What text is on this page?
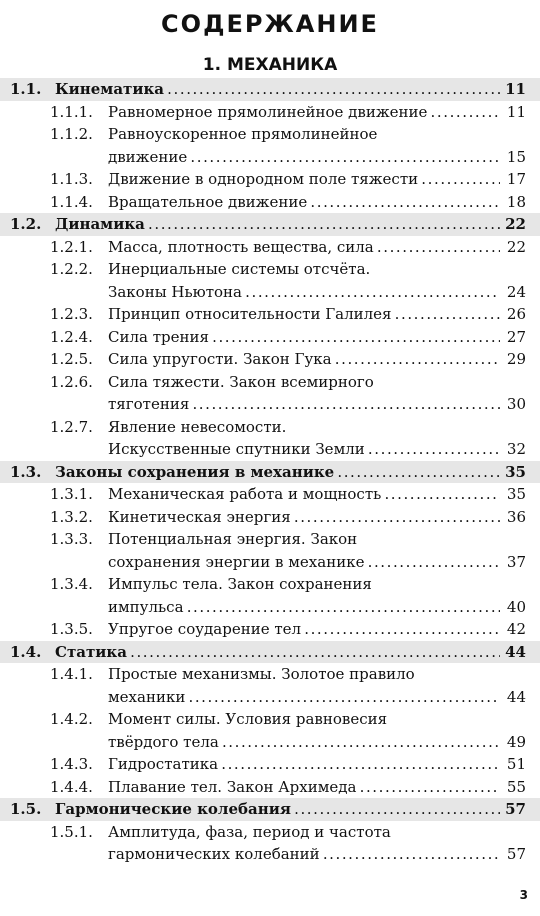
СОДЕРЖАНИЕ
1. МЕХАНИКА
1.1. Кинематика . . .	11
1.1.1. Равномерное прямолинейное движение . . .	11
1.1.2. Равноускоренное прямолинейное
движение . . .	15
1.1.3. Движение в однородном поле тяжести . . .	17
1.1.4. Вращательное движение . . .	18
1.2. Динамика . . .	22
1.2.1. Масса, плотность вещества, сила . . .	22
1.2.2. Инерциальные системы отсчёта.
Законы Ньютона . . .	24
1.2.3. Принцип относительности Галилея . . .	26
1.2.4. Сила трения . . .	27
1.2.5. Сила упругости. Закон Гука . . .	29
1.2.6. Сила тяжести. Закон всемирного
тяготения . . .	30
1.2.7. Явление невесомости.
Искусственные спутники Земли . . .	32
1.3. Законы сохранения в механике . . .	35
1.3.1. Механическая работа и мощность . . .	35
1.3.2. Кинетическая энергия . . .	36
1.3.3. Потенциальная энергия. Закон
сохранения энергии в механике . . .	37
1.3.4. Импульс тела. Закон сохранения
импульса . . .	40
1.3.5. Упругое соударение тел . . .	42
1.4. Статика . . .	44
1.4.1. Простые механизмы. Золотое правило
механики . . .	44
1.4.2. Момент силы. Условия равновесия
твёрдого тела . . .	49
1.4.3. Гидростатика . . .	51
1.4.4. Плавание тел. Закон Архимеда . . .	55
1.5. Гармонические колебания . . .	57
1.5.1. Амплитуда, фаза, период и частота
гармонических колебаний . . .	57
3
